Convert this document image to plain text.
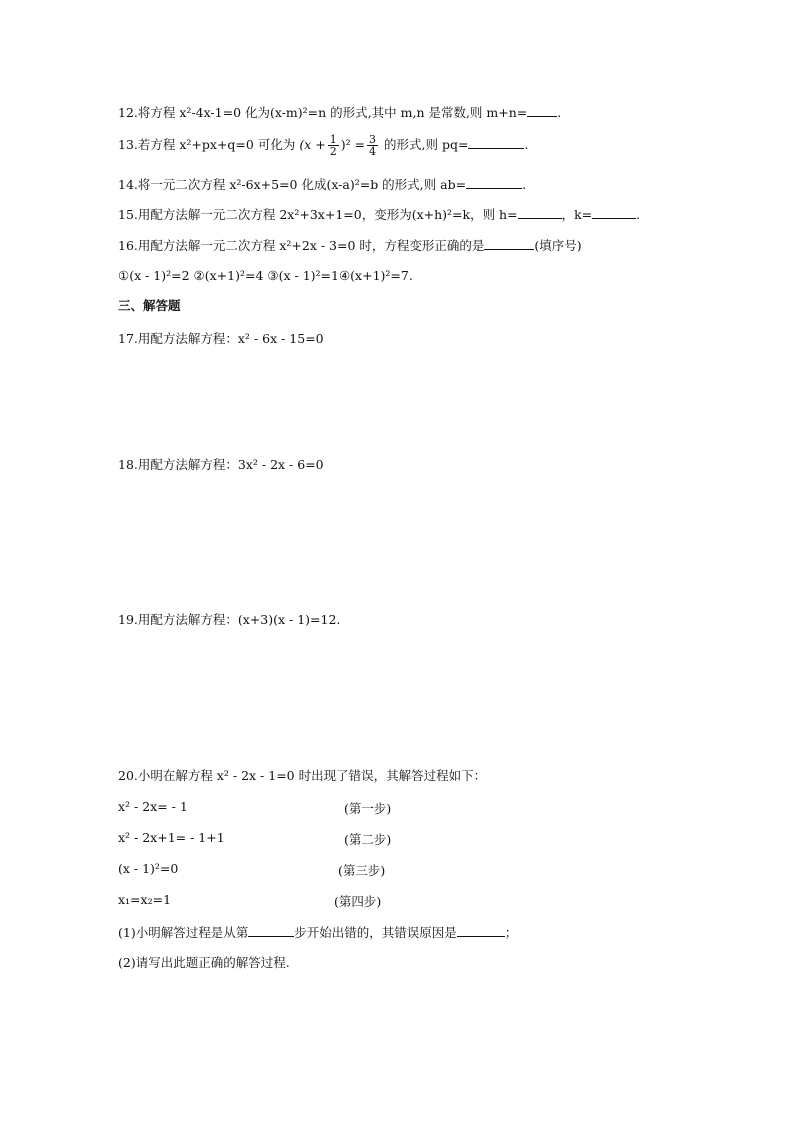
12.将方程 x²-4x-1=0 化为(x-m)²=n 的形式,其中 m,n 是常数,则 m+n= .
13.若方程 x²+px+q=0 可化为 $(x + \frac{1}{2} )^2 = \frac{3}{4}$ 的形式,则 pq=	.
14.将一元二次方程 x²-6x+5=0 化成(x-a)²=b 的形式,则 ab=	.
15.用配方法解一元二次方程 2x²+3x+1=0，变形为(x+h)²=k，则 h=	，k=	.
16.用配方法解一元二次方程 x²+2x - 3=0 时，方程变形正确的是	(填序号)
①(x - 1)²=2 ②(x+1)²=4 ③(x - 1)²=1④(x+1)²=7.
三、解答题
17.用配方法解方程：x² - 6x - 15=0
18.用配方法解方程：3x² - 2x - 6=0
19.用配方法解方程：(x+3)(x - 1)=12.
20.小明在解方程 x² - 2x - 1=0 时出现了错误，其解答过程如下：
x² - 2x= - 1	(第一步)
x² - 2x+1= - 1+1	(第二步)
(x - 1)²=0	(第三步)
x₁=x₂=1	(第四步)
(1)小明解答过程是从第	步开始出错的，其错误原因是	；
(2)请写出此题正确的解答过程.
